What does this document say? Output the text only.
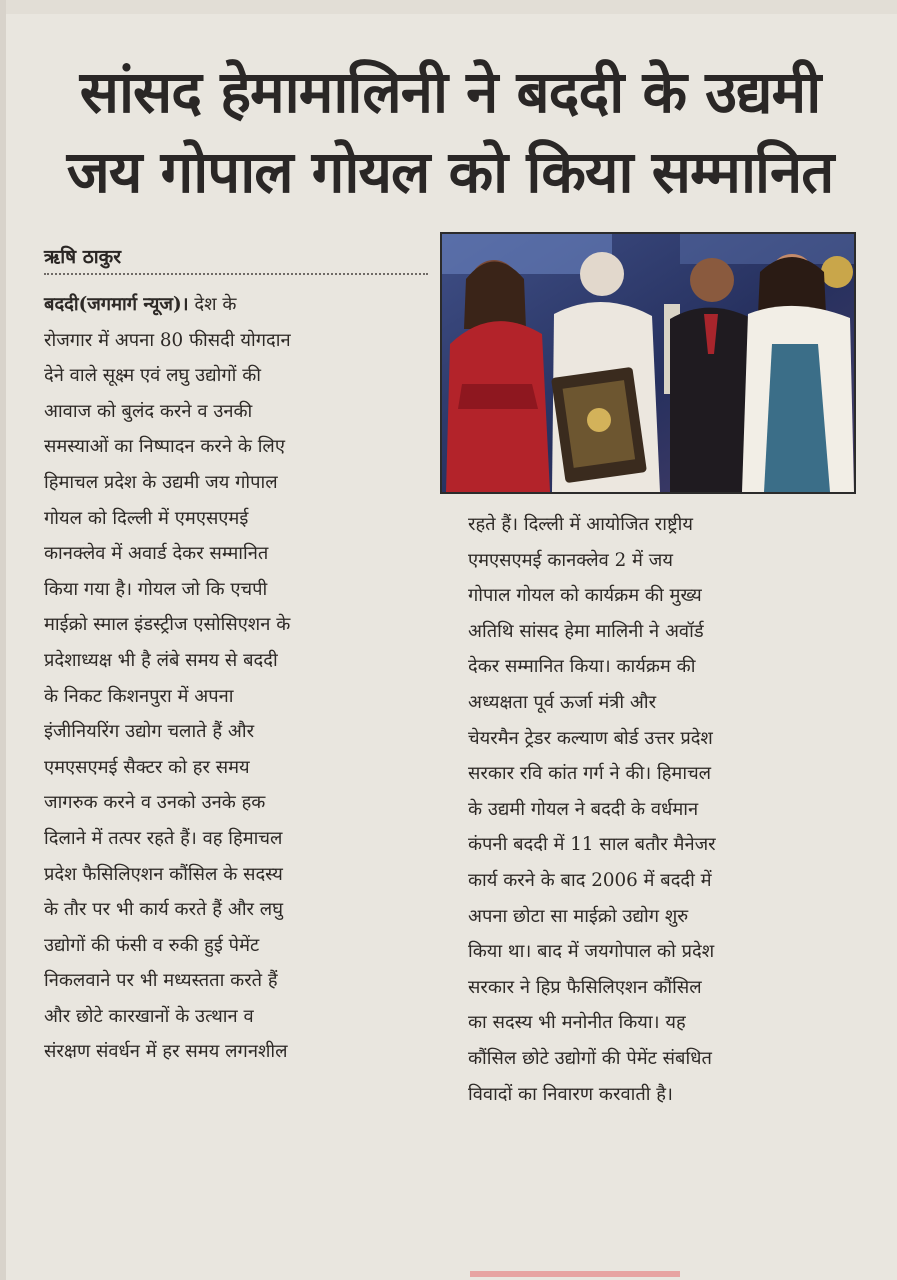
सांसद हेमामालिनी ने बददी के उद्यमी
जय गोपाल गोयल को किया सम्मानित
ऋषि ठाकुर

बददी(जगमार्ग न्यूज)। देश के

रोजगार में अपना 80 फीसदी योगदान

देने वाले सूक्ष्म एवं लघु उद्योगों की

आवाज को बुलंद करने व उनकी

समस्याओं का निष्पादन करने के लिए

हिमाचल प्रदेश के उद्यमी जय गोपाल

गोयल को दिल्ली में एमएसएमई

कानक्लेव में अवार्ड देकर सम्मानित

किया गया है। गोयल जो कि एचपी

माईक्रो स्माल इंडस्ट्रीज एसोसिएशन के

प्रदेशाध्यक्ष भी है लंबे समय से बददी

के निकट किशनपुरा में अपना

इंजीनियरिंग उद्योग चलाते हैं और

एमएसएमई सैक्टर को हर समय

जागरुक करने व उनको उनके हक

दिलाने में तत्पर रहते हैं। वह हिमाचल

प्रदेश फैसिलिएशन कौंसिल के सदस्य

के तौर पर भी कार्य करते हैं और लघु

उद्योगों की फंसी व रुकी हुई पेमेंट

निकलवाने पर भी मध्यस्तता करते हैं

और छोटे कारखानों के उत्थान व

संरक्षण संवर्धन में हर समय लगनशील

रहते हैं। दिल्ली में आयोजित राष्ट्रीय

एमएसएमई कानक्लेव 2 में जय

गोपाल गोयल को कार्यक्रम की मुख्य

अतिथि सांसद हेमा मालिनी ने अवॉर्ड

देकर सम्मानित किया। कार्यक्रम की

अध्यक्षता पूर्व ऊर्जा मंत्री और

चेयरमैन ट्रेडर कल्याण बोर्ड उत्तर प्रदेश

सरकार रवि कांत गर्ग ने की। हिमाचल

के उद्यमी गोयल ने बददी के वर्धमान

कंपनी बददी में 11 साल बतौर मैनेजर

कार्य करने के बाद 2006 में बददी में

अपना छोटा सा माईक्रो उद्योग शुरु

किया था। बाद में जयगोपाल को प्रदेश

सरकार ने हिप्र फैसिलिएशन कौंसिल

का सदस्य भी मनोनीत किया। यह

कौंसिल छोटे उद्योगों की पेमेंट संबधित

विवादों का निवारण करवाती है।
